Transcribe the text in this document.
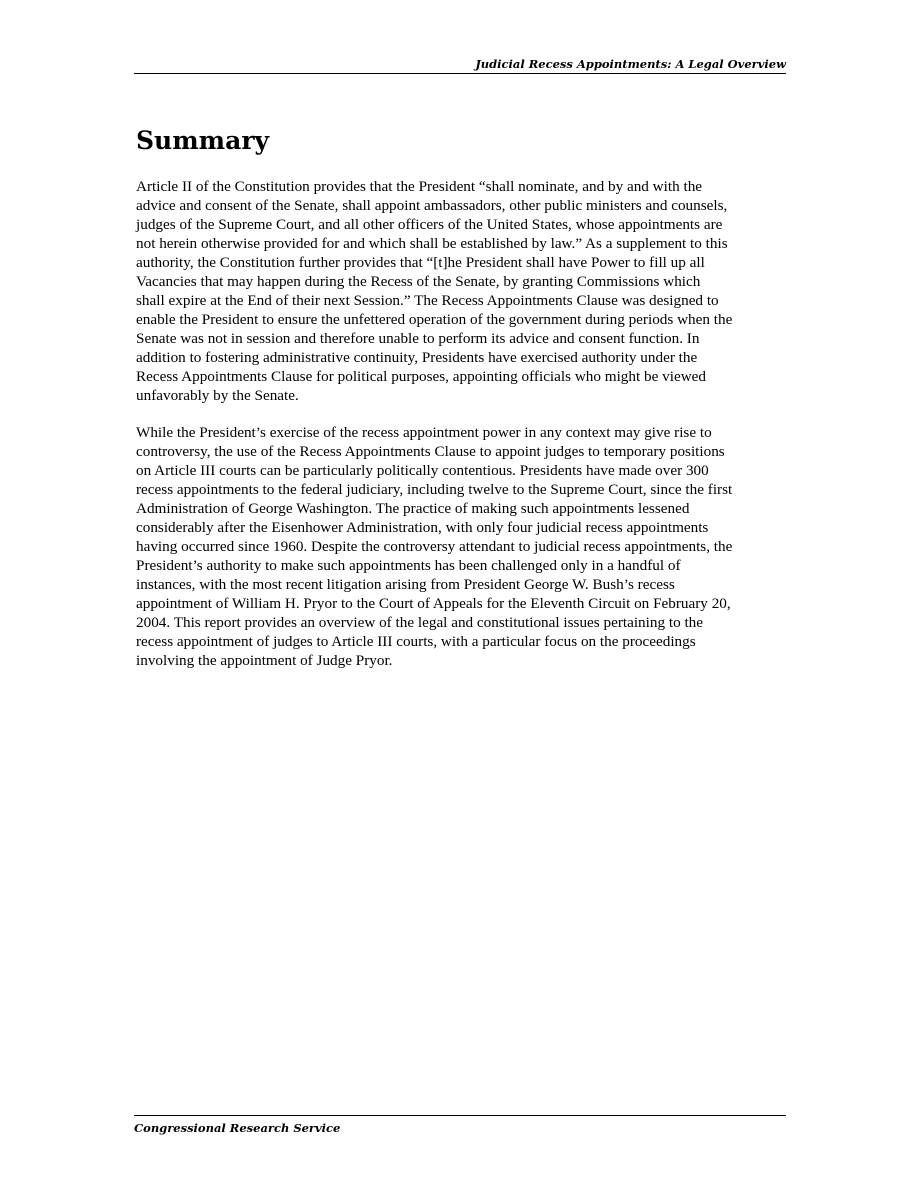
Judicial Recess Appointments: A Legal Overview
Summary

Article II of the Constitution provides that the President “shall nominate, and by and with the
advice and consent of the Senate, shall appoint ambassadors, other public ministers and counsels,
judges of the Supreme Court, and all other officers of the United States, whose appointments are
not herein otherwise provided for and which shall be established by law.” As a supplement to this
authority, the Constitution further provides that “[t]he President shall have Power to fill up all
Vacancies that may happen during the Recess of the Senate, by granting Commissions which
shall expire at the End of their next Session.” The Recess Appointments Clause was designed to
enable the President to ensure the unfettered operation of the government during periods when the
Senate was not in session and therefore unable to perform its advice and consent function. In
addition to fostering administrative continuity, Presidents have exercised authority under the
Recess Appointments Clause for political purposes, appointing officials who might be viewed
unfavorably by the Senate.

While the President’s exercise of the recess appointment power in any context may give rise to
controversy, the use of the Recess Appointments Clause to appoint judges to temporary positions
on Article III courts can be particularly politically contentious. Presidents have made over 300
recess appointments to the federal judiciary, including twelve to the Supreme Court, since the first
Administration of George Washington. The practice of making such appointments lessened
considerably after the Eisenhower Administration, with only four judicial recess appointments
having occurred since 1960. Despite the controversy attendant to judicial recess appointments, the
President’s authority to make such appointments has been challenged only in a handful of
instances, with the most recent litigation arising from President George W. Bush’s recess
appointment of William H. Pryor to the Court of Appeals for the Eleventh Circuit on February 20,
2004. This report provides an overview of the legal and constitutional issues pertaining to the
recess appointment of judges to Article III courts, with a particular focus on the proceedings
involving the appointment of Judge Pryor.

Congressional Research Service
